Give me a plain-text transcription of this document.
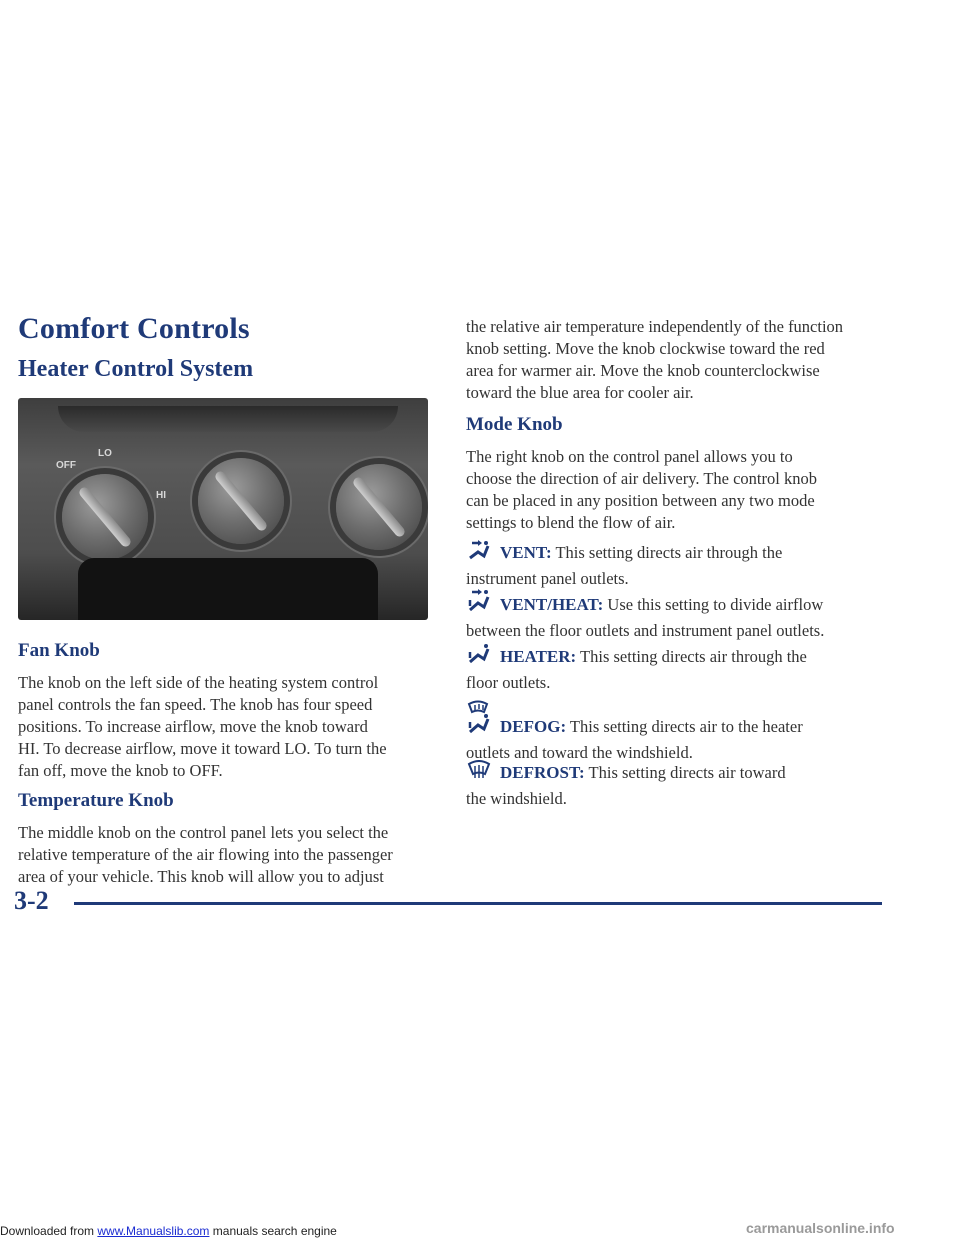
Comfort Controls
Heater Control System
OFF
LO
HI
Fan Knob

The knob on the left side of the heating system control

panel controls the fan speed. The knob has four speed

positions. To increase airflow, move the knob toward

HI. To decrease airflow, move it toward LO. To turn the

fan off, move the knob to OFF.

Temperature Knob

The middle knob on the control panel lets you select the

relative temperature of the air flowing into the passenger

area of your vehicle. This knob will allow you to adjust

the relative air temperature independently of the function

knob setting. Move the knob clockwise toward the red

area for warmer air. Move the knob counterclockwise

toward the blue area for cooler air.

Mode Knob

The right knob on the control panel allows you to

choose the direction of air delivery. The control knob

can be placed in any position between any two mode

settings to blend the flow of air.

VENT: This setting directs air through the
instrument panel outlets.

VENT/HEAT: Use this setting to divide airflow
between the floor outlets and instrument panel outlets.

HEATER: This setting directs air through the
floor outlets.

DEFOG: This setting directs air to the heater
outlets and toward the windshield.

DEFROST: This setting directs air toward
the windshield.

3-2
Downloaded from www.Manualslib.com manuals search engine	carmanualsonline.info
